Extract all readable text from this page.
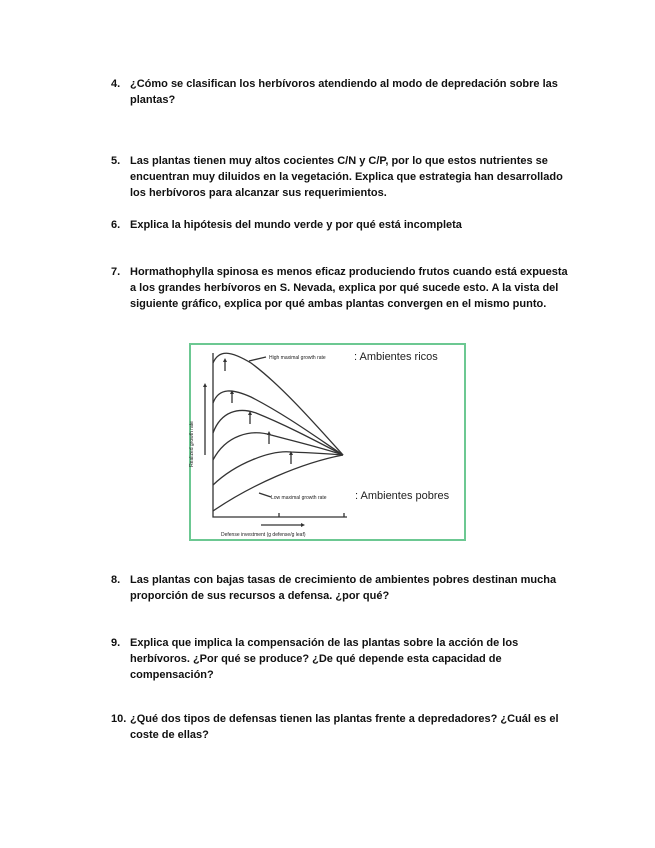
4. ¿Cómo se clasifican los herbívoros atendiendo al modo de depredación sobre las plantas?
5. Las plantas tienen muy altos cocientes C/N y C/P, por lo que estos nutrientes se encuentran muy diluidos en la vegetación. Explica que estrategia han desarrollado los herbívoros para alcanzar sus requerimientos.
6. Explica la hipótesis del mundo verde y por qué está incompleta
7. Hormathophylla spinosa es menos eficaz produciendo frutos cuando está expuesta a los grandes herbívoros en S. Nevada, explica por qué sucede esto. A la vista del siguiente gráfico, explica por qué ambas plantas convergen en el mismo punto.
High maximal growth rate	: Ambientes ricos
Low maximal growth rate	: Ambientes pobres
Defense investment (g defense/g leaf)
Realized growth rate
8. Las plantas con bajas tasas de crecimiento de ambientes pobres destinan mucha proporción de sus recursos a defensa. ¿por qué?
9. Explica que implica la compensación de las plantas sobre la acción de los herbívoros. ¿Por qué se produce? ¿De qué depende esta capacidad de compensación?
10. ¿Qué dos tipos de defensas tienen las plantas frente a depredadores? ¿Cuál es el coste de ellas?
